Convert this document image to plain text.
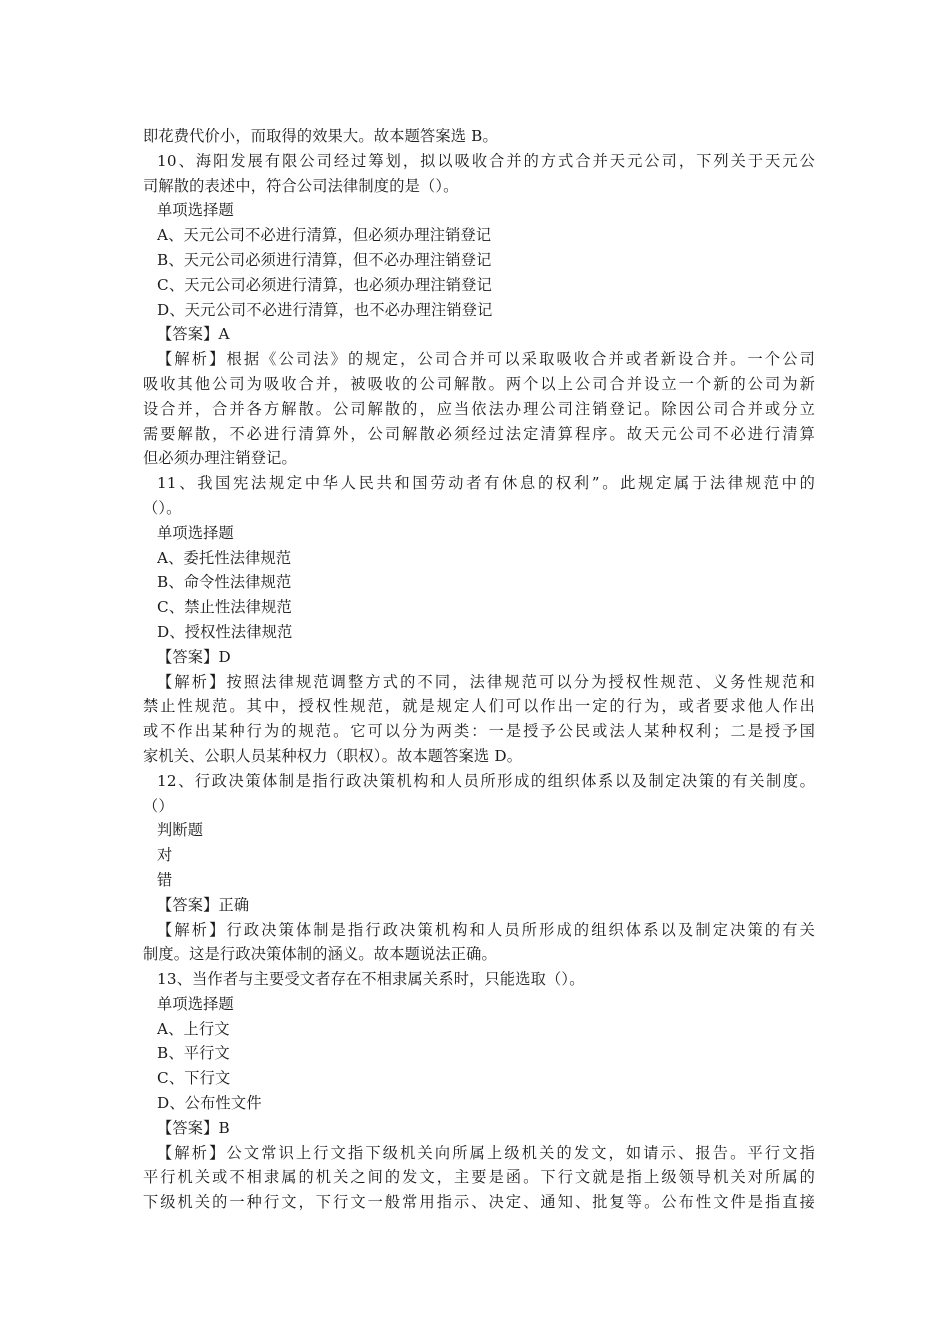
即花费代价小，而取得的效果大。故本题答案选 B。
10、海阳发展有限公司经过筹划，拟以吸收合并的方式合并天元公司，下列关于天元公
司解散的表述中，符合公司法律制度的是（）。
单项选择题
A、天元公司不必进行清算，但必须办理注销登记
B、天元公司必须进行清算，但不必办理注销登记
C、天元公司必须进行清算，也必须办理注销登记
D、天元公司不必进行清算，也不必办理注销登记
【答案】A
【解析】根据《公司法》的规定，公司合并可以采取吸收合并或者新设合并。一个公司
吸收其他公司为吸收合并，被吸收的公司解散。两个以上公司合并设立一个新的公司为新
设合并，合并各方解散。公司解散的，应当依法办理公司注销登记。除因公司合并或分立
需要解散，不必进行清算外，公司解散必须经过法定清算程序。故天元公司不必进行清算
但必须办理注销登记。
11、我国宪法规定中华人民共和国劳动者有休息的权利”。此规定属于法律规范中的
（）。
单项选择题
A、委托性法律规范
B、命令性法律规范
C、禁止性法律规范
D、授权性法律规范
【答案】D
【解析】按照法律规范调整方式的不同，法律规范可以分为授权性规范、义务性规范和
禁止性规范。其中，授权性规范，就是规定人们可以作出一定的行为，或者要求他人作出
或不作出某种行为的规范。它可以分为两类：一是授予公民或法人某种权利；二是授予国
家机关、公职人员某种权力（职权）。故本题答案选 D。
12、行政决策体制是指行政决策机构和人员所形成的组织体系以及制定决策的有关制度。
（）
判断题
对
错
【答案】正确
【解析】行政决策体制是指行政决策机构和人员所形成的组织体系以及制定决策的有关
制度。这是行政决策体制的涵义。故本题说法正确。
13、当作者与主要受文者存在不相隶属关系时，只能选取（）。
单项选择题
A、上行文
B、平行文
C、下行文
D、公布性文件
【答案】B
【解析】公文常识上行文指下级机关向所属上级机关的发文，如请示、报告。平行文指
平行机关或不相隶属的机关之间的发文，主要是函。下行文就是指上级领导机关对所属的
下级机关的一种行文，下行文一般常用指示、决定、通知、批复等。公布性文件是指直接
